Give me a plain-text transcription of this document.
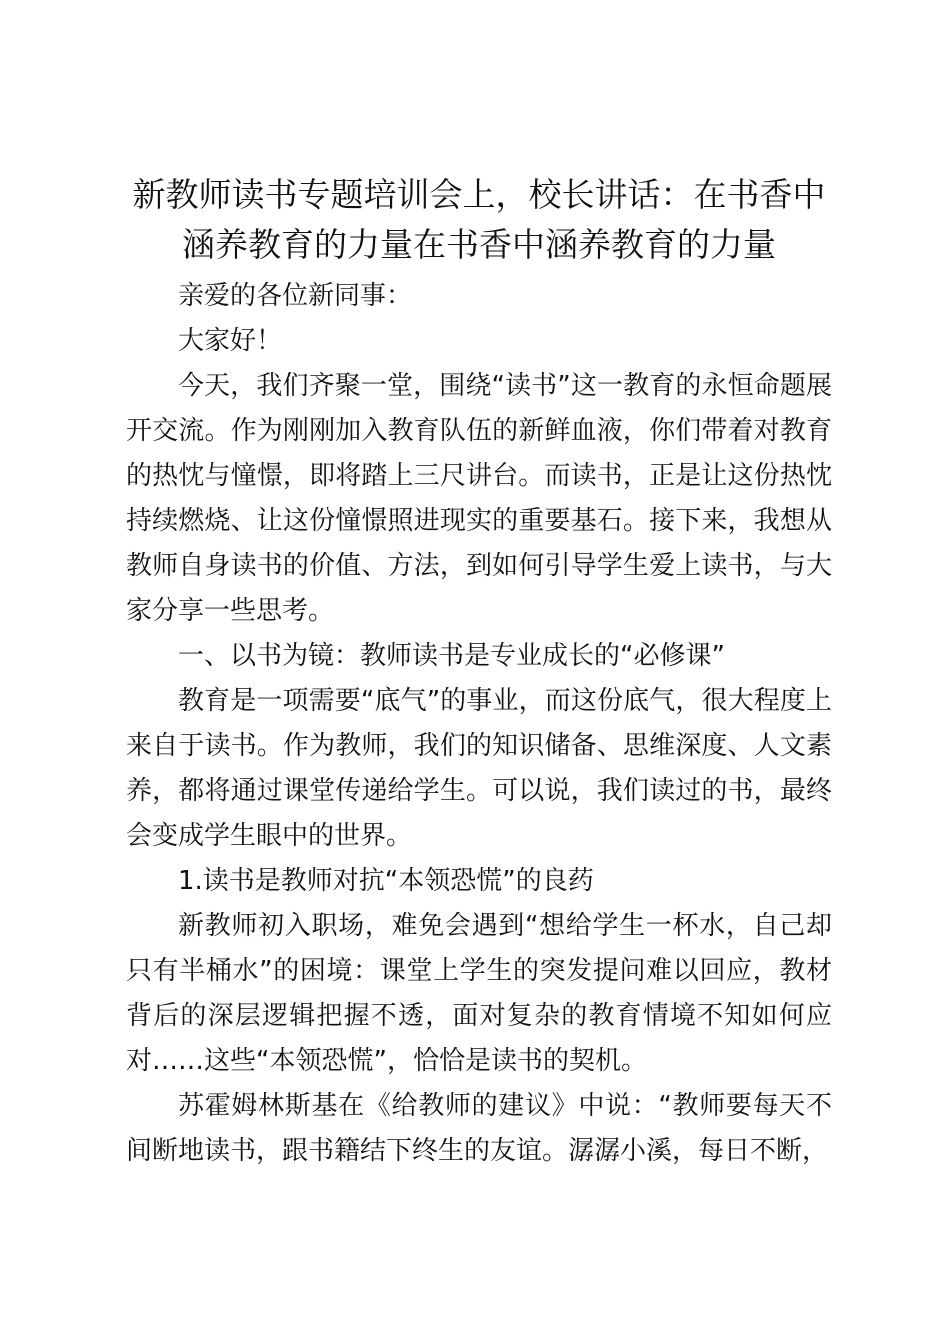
新教师读书专题培训会上，校长讲话：在书香中涵养教育的力量在书香中涵养教育的力量

亲爱的各位新同事：

大家好！

今天，我们齐聚一堂，围绕“读书”这一教育的永恒命题展开交流。作为刚刚加入教育队伍的新鲜血液，你们带着对教育的热忱与憧憬，即将踏上三尺讲台。而读书，正是让这份热忱持续燃烧、让这份憧憬照进现实的重要基石。接下来，我想从教师自身读书的价值、方法，到如何引导学生爱上读书，与大家分享一些思考。

一、以书为镜：教师读书是专业成长的“必修课”

教育是一项需要“底气”的事业，而这份底气，很大程度上来自于读书。作为教师，我们的知识储备、思维深度、人文素养，都将通过课堂传递给学生。可以说，我们读过的书，最终会变成学生眼中的世界。

1.读书是教师对抗“本领恐慌”的良药

新教师初入职场，难免会遇到“想给学生一杯水，自己却只有半桶水”的困境：课堂上学生的突发提问难以回应，教材背后的深层逻辑把握不透，面对复杂的教育情境不知如何应对……这些“本领恐慌”，恰恰是读书的契机。

苏霍姆林斯基在《给教师的建议》中说：“教师要每天不间断地读书，跟书籍结下终生的友谊。潺潺小溪，每日不断，
